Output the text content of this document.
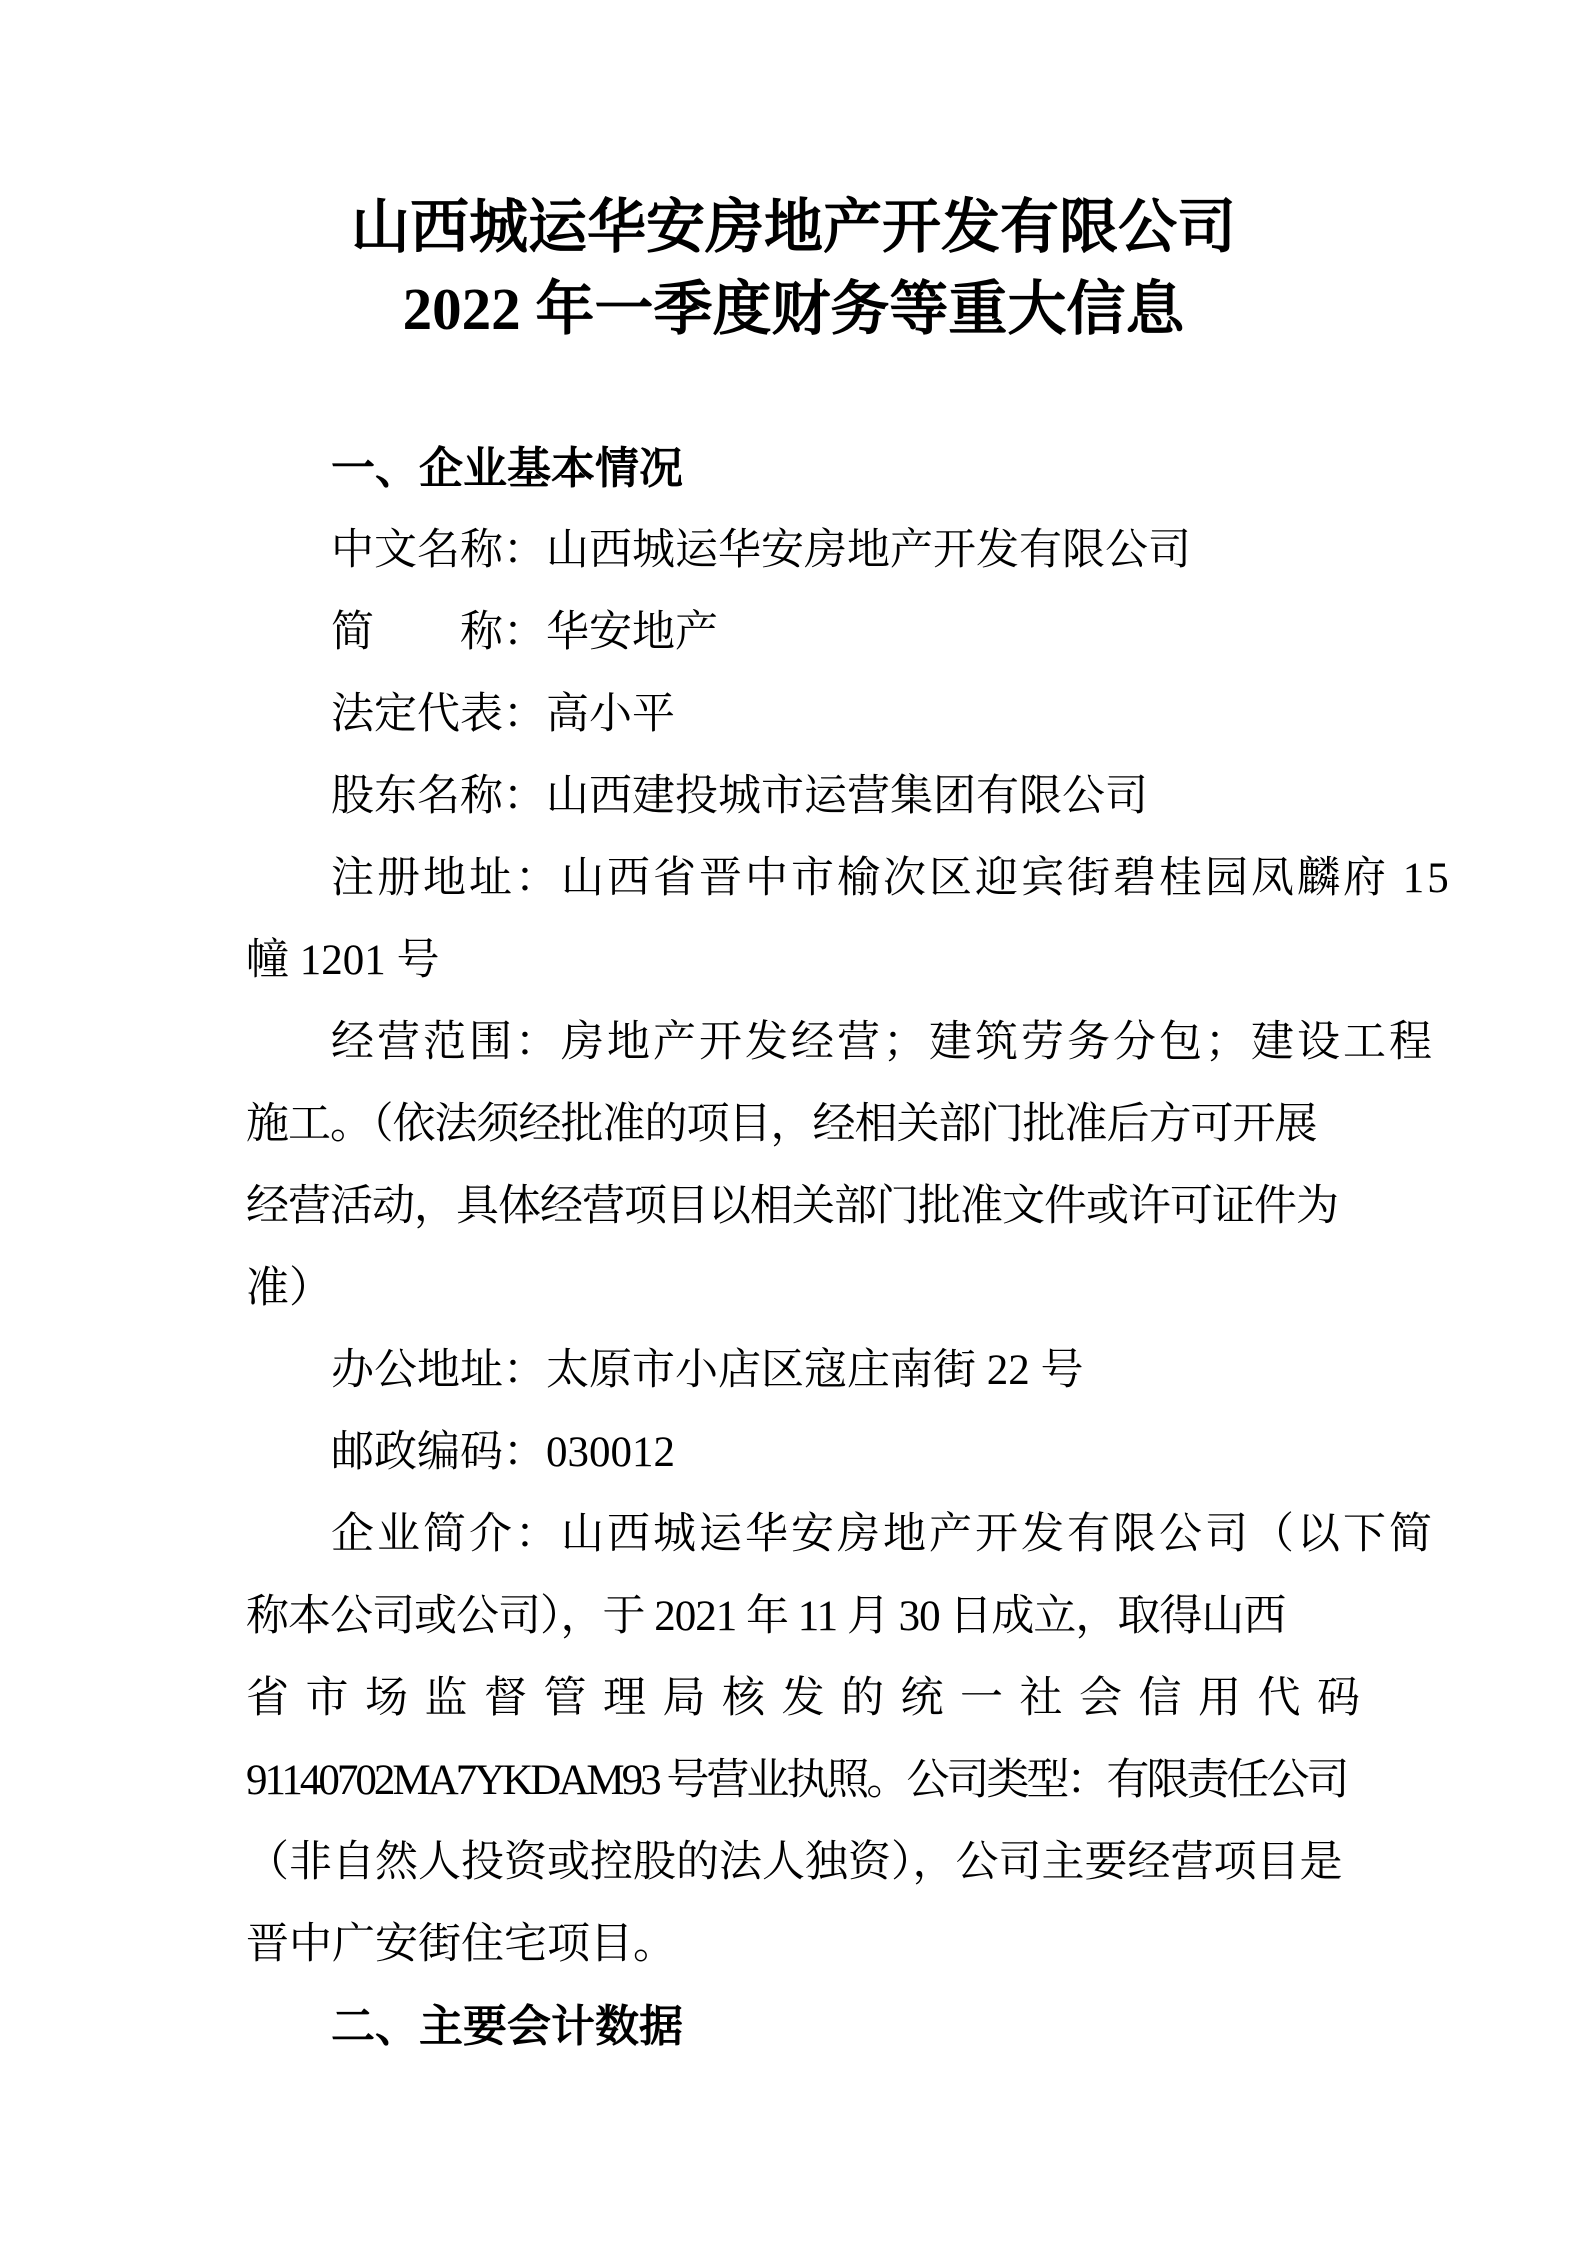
山西城运华安房地产开发有限公司
2022 年一季度财务等重大信息
一、企业基本情况
中文名称：山西城运华安房地产开发有限公司
简　　称：华安地产
法定代表：高小平
股东名称：山西建投城市运营集团有限公司
注册地址：山西省晋中市榆次区迎宾街碧桂园凤麟府 15
幢 1201 号
经营范围：房地产开发经营；建筑劳务分包；建设工程
施工。（依法须经批准的项目，经相关部门批准后方可开展
经营活动，具体经营项目以相关部门批准文件或许可证件为
准）
办公地址：太原市小店区寇庄南街 22 号
邮政编码：030012
企业简介：山西城运华安房地产开发有限公司（以下简
称本公司或公司），于 2021 年 11 月 30 日成立，取得山西
省市场监督管理局核发的统一社会信用代码
91140702MA7YKDAM93 号营业执照。公司类型：有限责任公司
（非自然人投资或控股的法人独资），公司主要经营项目是
晋中广安街住宅项目。
二、主要会计数据
